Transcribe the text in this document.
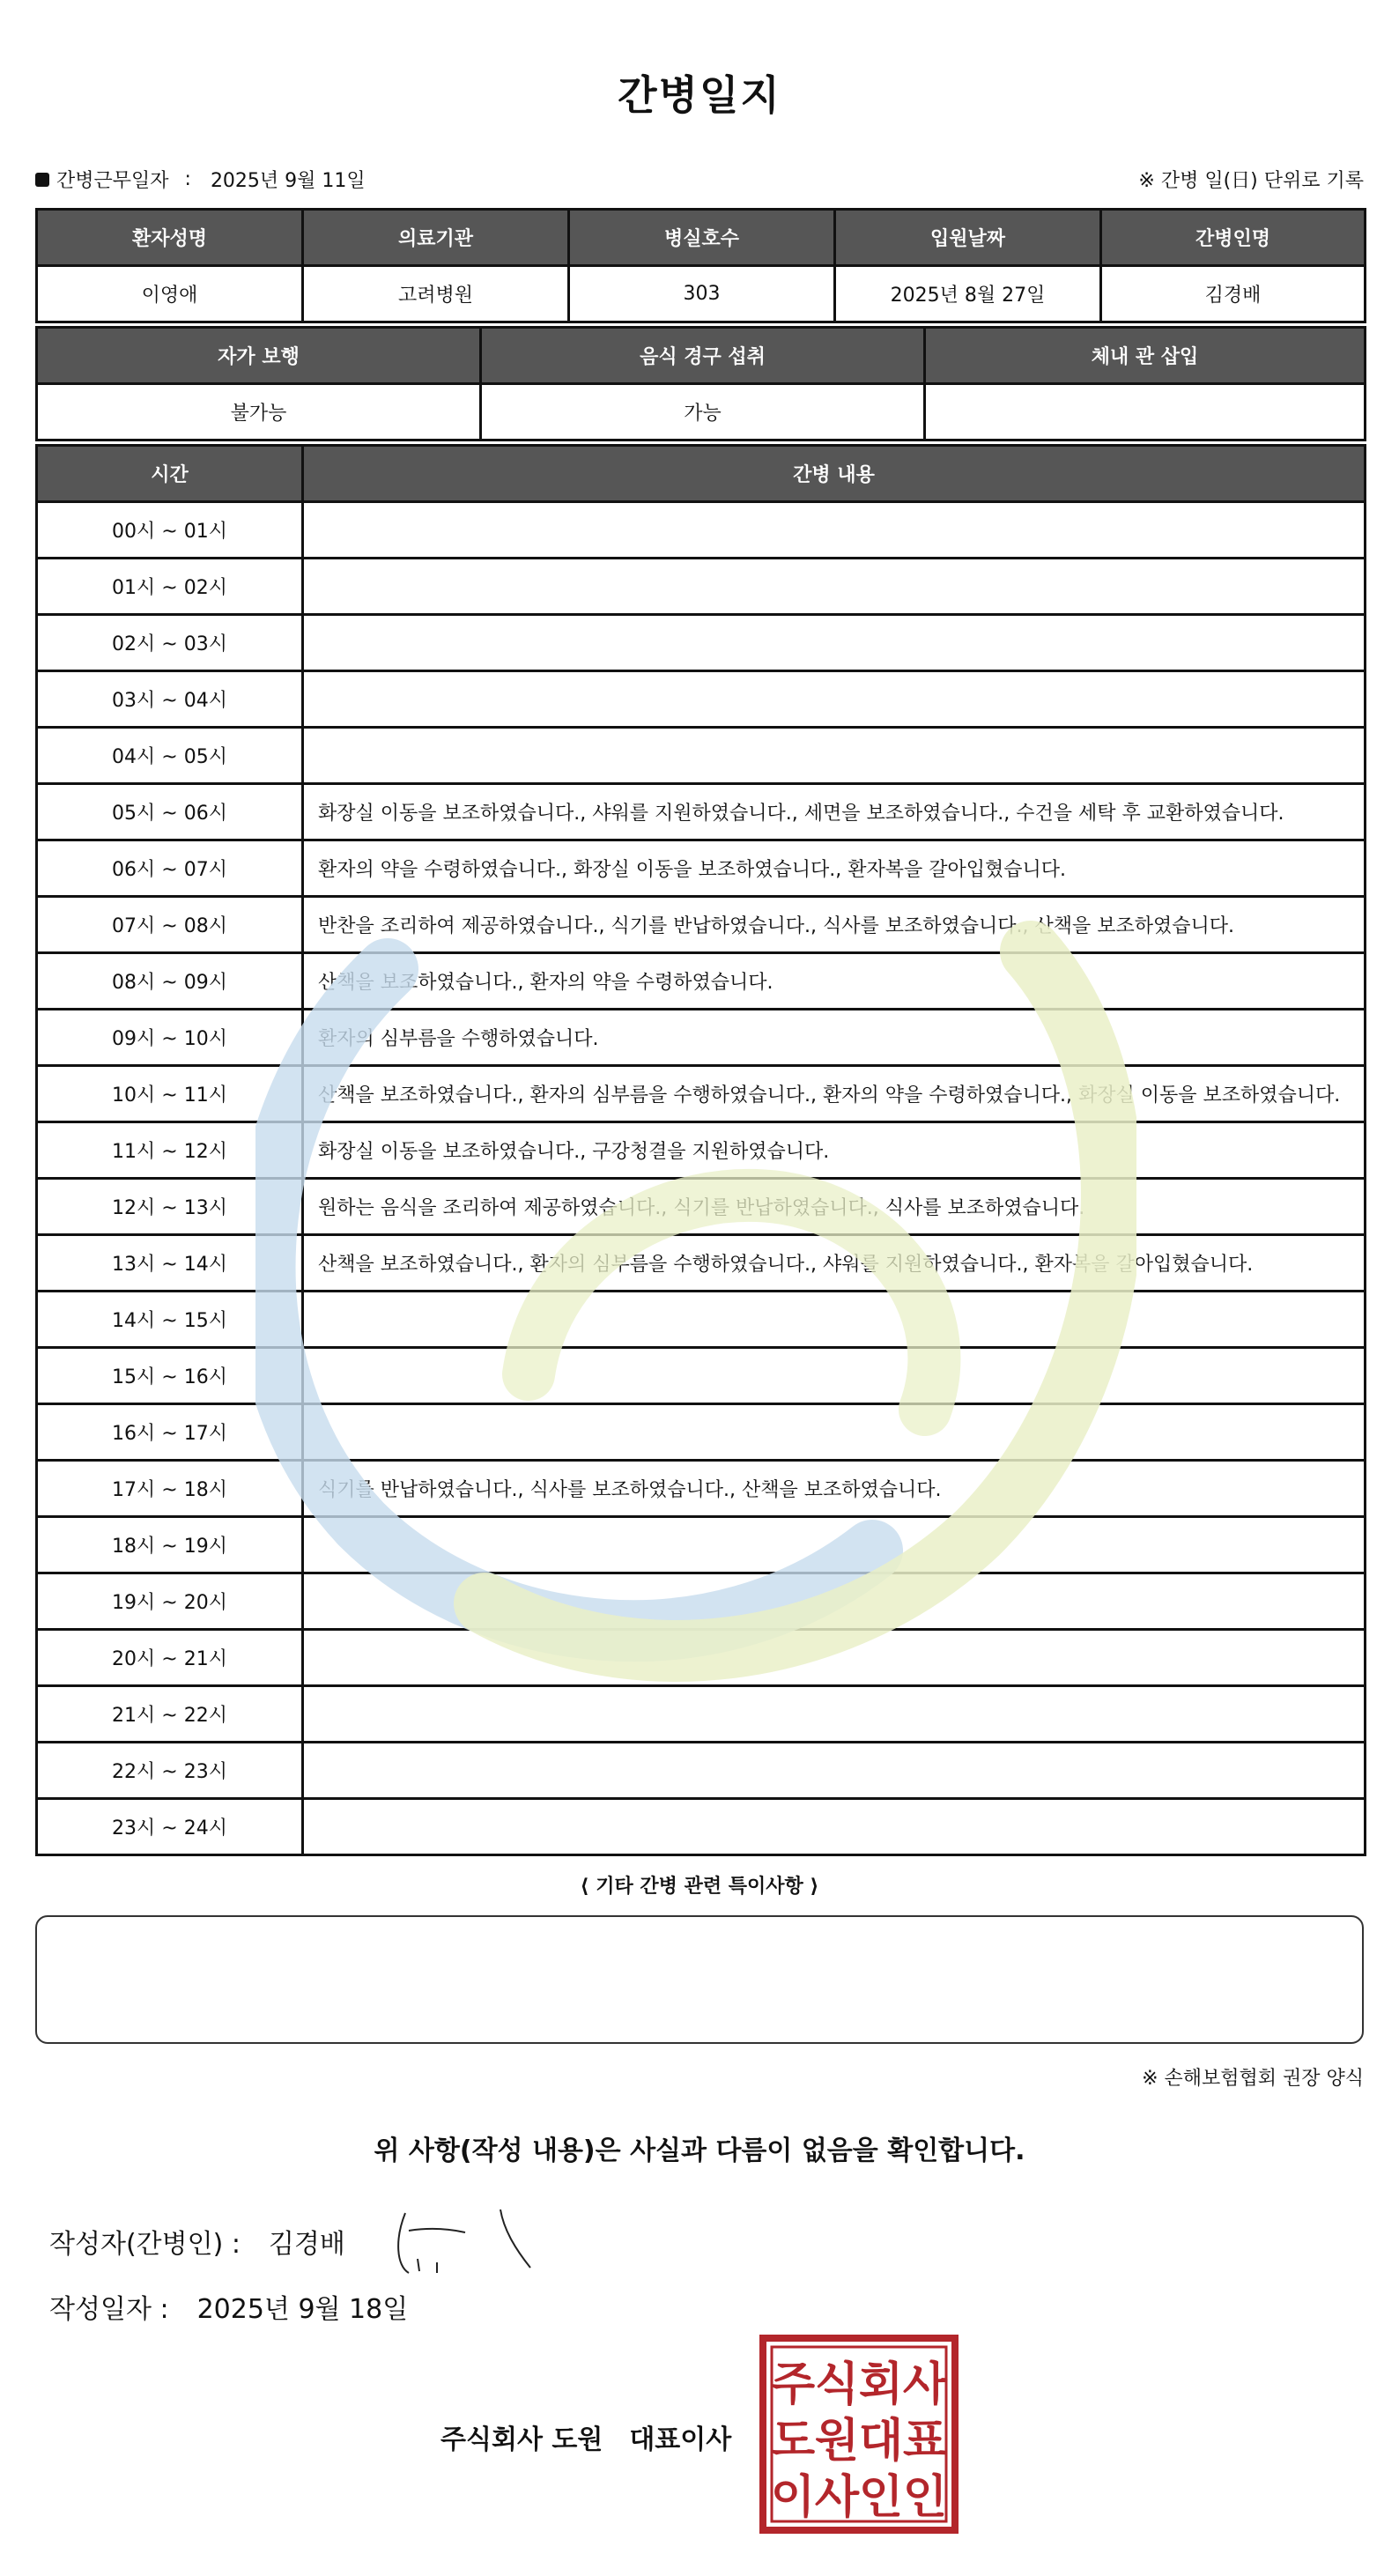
간병일지
간병근무일자 : 2025년 9월 11일	※ 간병 일(日) 단위로 기록
환자성명	의료기관	병실호수	입원날짜	간병인명
이영애	고려병원	303	2025년 8월 27일	김경배
자가 보행	음식 경구 섭취	체내 관 삽입
불가능	가능	
시간	간병 내용
00시 ~ 01시	
01시 ~ 02시	
02시 ~ 03시	
03시 ~ 04시	
04시 ~ 05시	
05시 ~ 06시	화장실 이동을 보조하였습니다., 샤워를 지원하였습니다., 세면을 보조하였습니다., 수건을 세탁 후 교환하였습니다.
06시 ~ 07시	환자의 약을 수령하였습니다., 화장실 이동을 보조하였습니다., 환자복을 갈아입혔습니다.
07시 ~ 08시	반찬을 조리하여 제공하였습니다., 식기를 반납하였습니다., 식사를 보조하였습니다., 산책을 보조하였습니다.
08시 ~ 09시	산책을 보조하였습니다., 환자의 약을 수령하였습니다.
09시 ~ 10시	환자의 심부름을 수행하였습니다.
10시 ~ 11시	산책을 보조하였습니다., 환자의 심부름을 수행하였습니다., 환자의 약을 수령하였습니다., 화장실 이동을 보조하였습니다.
11시 ~ 12시	화장실 이동을 보조하였습니다., 구강청결을 지원하였습니다.
12시 ~ 13시	원하는 음식을 조리하여 제공하였습니다., 식기를 반납하였습니다., 식사를 보조하였습니다.
13시 ~ 14시	산책을 보조하였습니다., 환자의 심부름을 수행하였습니다., 샤워를 지원하였습니다., 환자복을 갈아입혔습니다.
14시 ~ 15시	
15시 ~ 16시	
16시 ~ 17시	
17시 ~ 18시	식기를 반납하였습니다., 식사를 보조하였습니다., 산책을 보조하였습니다.
18시 ~ 19시	
19시 ~ 20시	
20시 ~ 21시	
21시 ~ 22시	
22시 ~ 23시	
23시 ~ 24시	
⟨ 기타 간병 관련 특이사항 ⟩
※ 손해보험협회 권장 양식
위 사항(작성 내용)은 사실과 다름이 없음을 확인합니다.
작성자(간병인) : 김경배
작성일자 : 2025년 9월 18일
주식회사 도원 대표이사
주 식 회 사
도 원 대 표
이 사 인 인
